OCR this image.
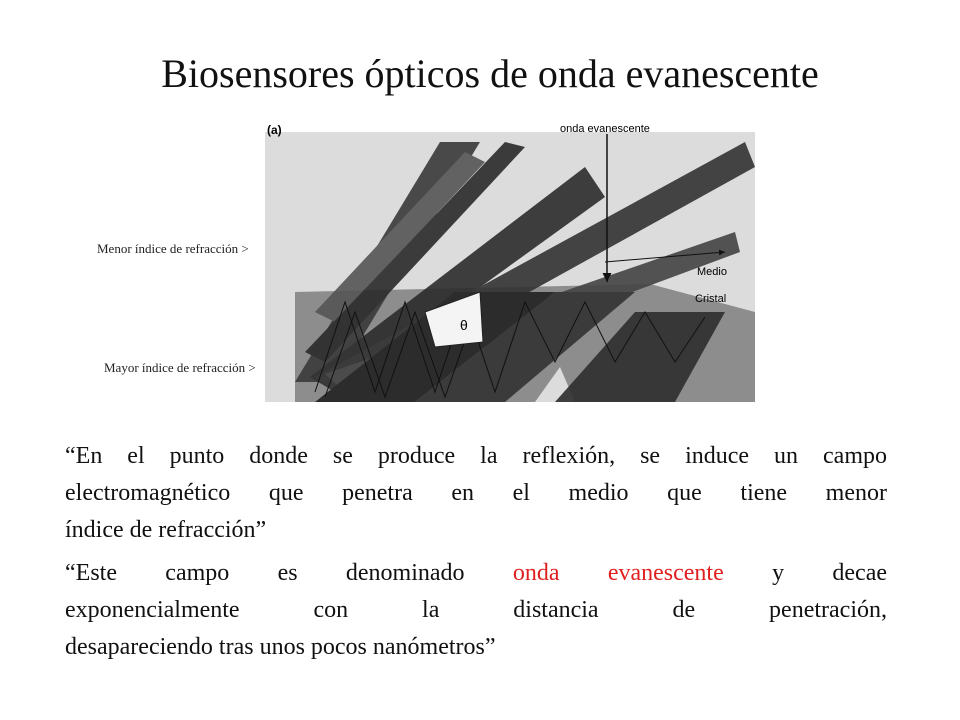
Biosensores ópticos de onda evanescente
θ
(a)	onda evanescente
Medio
Cristal
Menor índice de refracción >
Mayor índice de refracción >
“En el punto donde se produce la reflexión, se induce un campo
electromagnético que penetra en el medio que tiene menor
índice de refracción”
“Este campo es denominado onda evanescente y decae
exponencialmente con la distancia de penetración,
desapareciendo tras unos pocos nanómetros”
